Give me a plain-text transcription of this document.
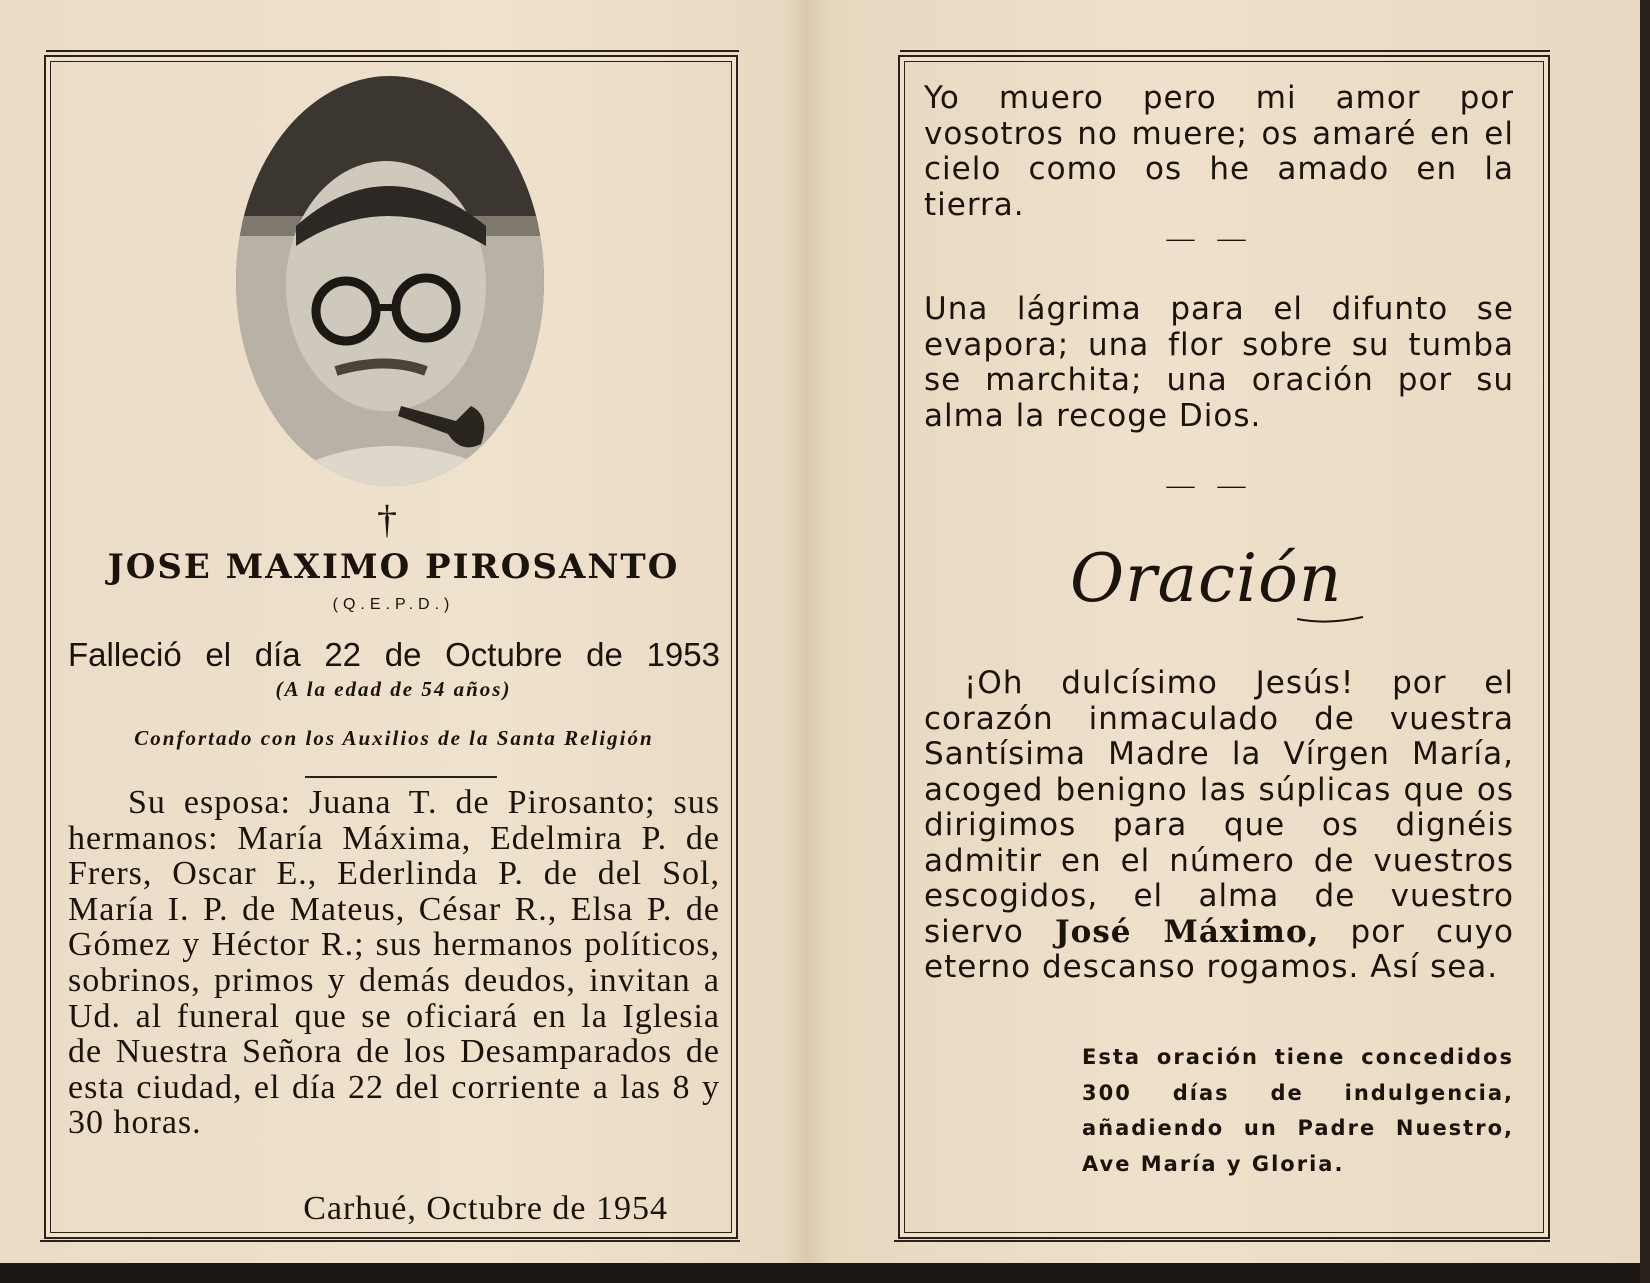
†
JOSE MAXIMO PIROSANTO
(Q.E.P.D.)
Falleció el día 22 de Octubre de 1953
(A la edad de 54 años)
Confortado con los Auxilios de la Santa Religión
Su esposa: Juana T. de Pirosanto; sus hermanos: María Máxima, Edelmira P. de Frers, Oscar E., Ederlinda P. de del Sol, María I. P. de Mateus, César R., Elsa P. de Gómez y Héctor R.; sus hermanos políticos, sobrinos, primos y demás deudos, invitan a Ud. al funeral que se oficiará en la Iglesia de Nuestra Señora de los Desamparados de esta ciudad, el día 22 del corriente a las 8 y 30 horas.
Carhué, Octubre de 1954
Yo muero pero mi amor por vosotros no muere; os amaré en el cielo como os he amado en la tierra.
— —
Una lágrima para el difunto se evapora; una flor sobre su tumba se marchita; una oración por su alma la recoge Dios.
— —
Oración
¡Oh dulcísimo Jesús! por el corazón inmaculado de vuestra Santísima Madre la Vírgen María, acoged benigno las súplicas que os dirigimos para que os dignéis admitir en el número de vuestros escogidos, el alma de vuestro siervo José Máximo, por cuyo eterno descanso rogamos. Así sea.
Esta oración tiene concedidos 300 días de indulgencia, añadiendo un Padre Nuestro, Ave María y Gloria.
